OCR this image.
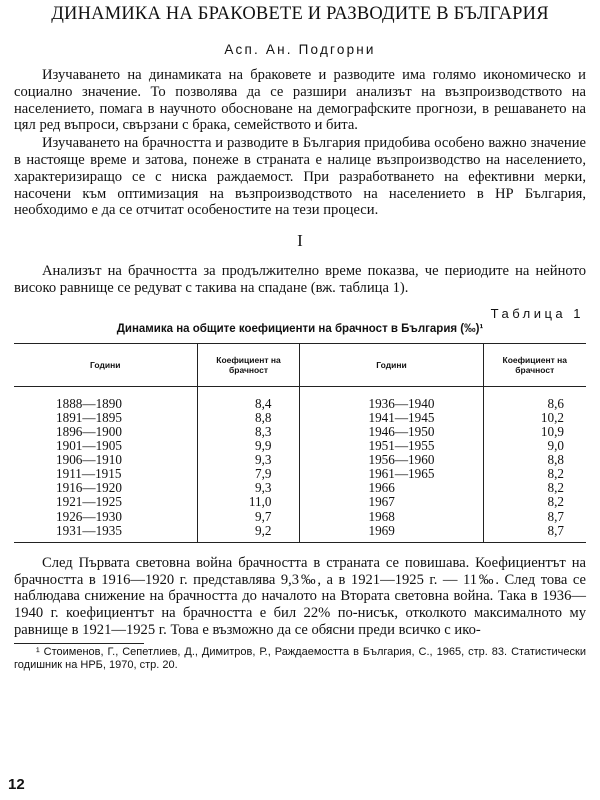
ДИНАМИКА НА БРАКОВЕТЕ И РАЗВОДИТЕ В БЪЛГАРИЯ
Асп. Ан. Подгорни

Изучаването на динамиката на браковете и разводите има голямо икономическо и социално значение. То позволява да се разшири анализът на възпроизводството на населението, помага в научното обосноване на демографските прогнози, в решаването на цял ред въпроси, свързани с брака, семейството и бита.

Изучаването на брачността и разводите в България придобива особено важно значение в настояще време и затова, понеже в страната е налице възпроизводство на населението, характеризиращо се с ниска раждаемост. При разработването на ефективни мерки, насочени към оптимизация на възпроизводството на населението в НР България, необходимо е да се отчитат особеностите на тези процеси.

I

Анализът на брачността за продължително време показва, че периодите на нейното високо равнище се редуват с такива на спадане (вж. таблица 1).

Таблица 1
Динамика на общите коефициенти на брачност в България (‰)¹
Години	Коефициент на брачност	Години	Коефициент на брачност
1888—1890	8,4	1936—1940	8,6
1891—1895	8,8	1941—1945	10,2
1896—1900	8,3	1946—1950	10,9
1901—1905	9,9	1951—1955	9,0
1906—1910	9,3	1956—1960	8,8
1911—1915	7,9	1961—1965	8,2
1916—1920	9,3	1966	8,2
1921—1925	11,0	1967	8,2
1926—1930	9,7	1968	8,7
1931—1935	9,2	1969	8,7

След Първата световна война брачността в страната се повишава. Коефициентът на брачността в 1916—1920 г. представлява 9,3‰, а в 1921—1925 г. — 11‰. След това се наблюдава снижение на брачността до началото на Втората световна война. Така в 1936—1940 г. коефициентът на брачността е бил 22% по-нисък, отколкото максималното му равнище в 1921—1925 г. Това е възможно да се обясни преди всичко с ико-

¹ Стоименов, Г., Сепетлиев, Д., Димитров, Р., Раждаемостта в България, С., 1965, стр. 83. Статистически годишник на НРБ, 1970, стр. 20.

12
